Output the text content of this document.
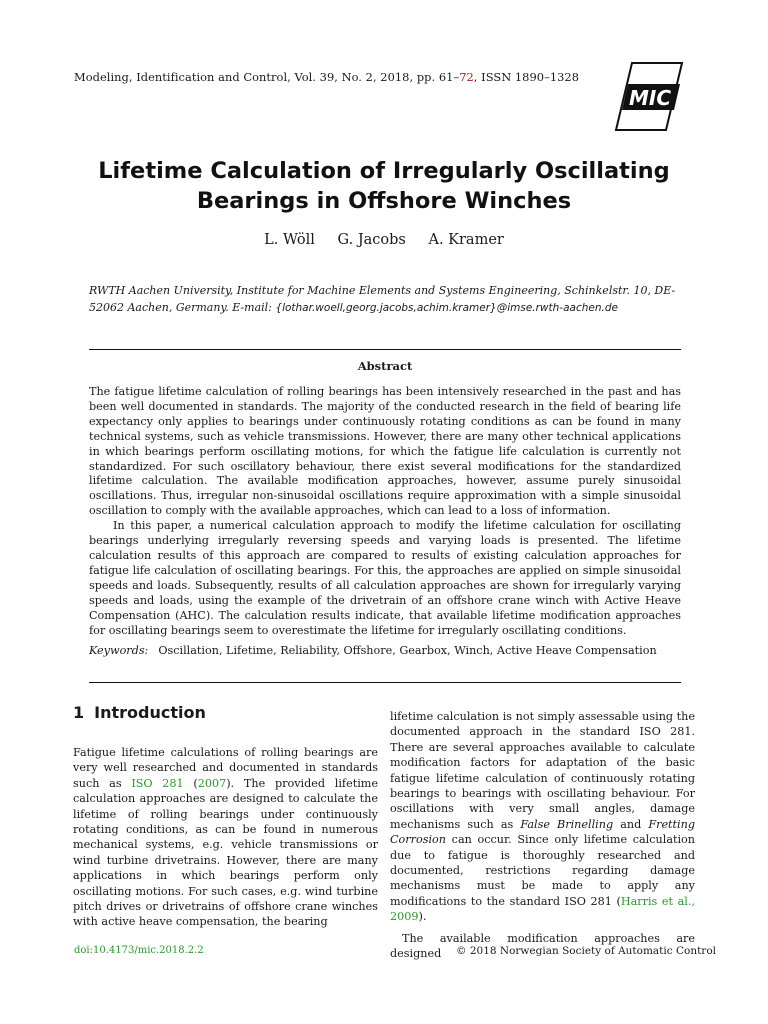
Modeling, Identification and Control, Vol. 39, No. 2, 2018, pp. 61–72, ISSN 1890–1328
MIC
Lifetime Calculation of Irregularly Oscillating Bearings in Offshore Winches
L. Wöll G. Jacobs A. Kramer
RWTH Aachen University, Institute for Machine Elements and Systems Engineering, Schinkelstr. 10, DE-52062 Aachen, Germany. E-mail: {lothar.woell,georg.jacobs,achim.kramer}@imse.rwth-aachen.de
Abstract

The fatigue lifetime calculation of rolling bearings has been intensively researched in the past and has been well documented in standards. The majority of the conducted research in the field of bearing life expectancy only applies to bearings under continuously rotating conditions as can be found in many technical systems, such as vehicle transmissions. However, there are many other technical applications in which bearings perform oscillating motions, for which the fatigue life calculation is currently not standardized. For such oscillatory behaviour, there exist several modifications for the standardized lifetime calculation. The available modification approaches, however, assume purely sinusoidal oscillations. Thus, irregular non-sinusoidal oscillations require approximation with a simple sinusoidal oscillation to comply with the available approaches, which can lead to a loss of information.

In this paper, a numerical calculation approach to modify the lifetime calculation for oscillating bearings underlying irregularly reversing speeds and varying loads is presented. The lifetime calculation results of this approach are compared to results of existing calculation approaches for fatigue life calculation of oscillating bearings. For this, the approaches are applied on simple sinusoidal speeds and loads. Subsequently, results of all calculation approaches are shown for irregularly varying speeds and loads, using the example of the drivetrain of an offshore crane winch with Active Heave Compensation (AHC). The calculation results indicate, that available lifetime modification approaches for oscillating bearings seem to overestimate the lifetime for irregularly oscillating conditions.

Keywords: Oscillation, Lifetime, Reliability, Offshore, Gearbox, Winch, Active Heave Compensation
1 Introduction

Fatigue lifetime calculations of rolling bearings are very well researched and documented in standards such as ISO 281 (2007). The provided lifetime calculation approaches are designed to calculate the lifetime of rolling bearings under continuously rotating conditions, as can be found in numerous mechanical systems, e.g. vehicle transmissions or wind turbine drivetrains. However, there are many applications in which bearings perform only oscillating motions. For such cases, e.g. wind turbine pitch drives or drivetrains of offshore crane winches with active heave compensation, the bearing

lifetime calculation is not simply assessable using the documented approach in the standard ISO 281. There are several approaches available to calculate modification factors for adaptation of the basic fatigue lifetime calculation of continuously rotating bearings to bearings with oscillating behaviour. For oscillations with very small angles, damage mechanisms such as False Brinelling and Fretting Corrosion can occur. Since only lifetime calculation due to fatigue is thoroughly researched and documented, restrictions regarding damage mechanisms must be made to apply any modifications to the standard ISO 281 (Harris et al., 2009).

The available modification approaches are designed

doi:10.4173/mic.2018.2.2	© 2018 Norwegian Society of Automatic Control
